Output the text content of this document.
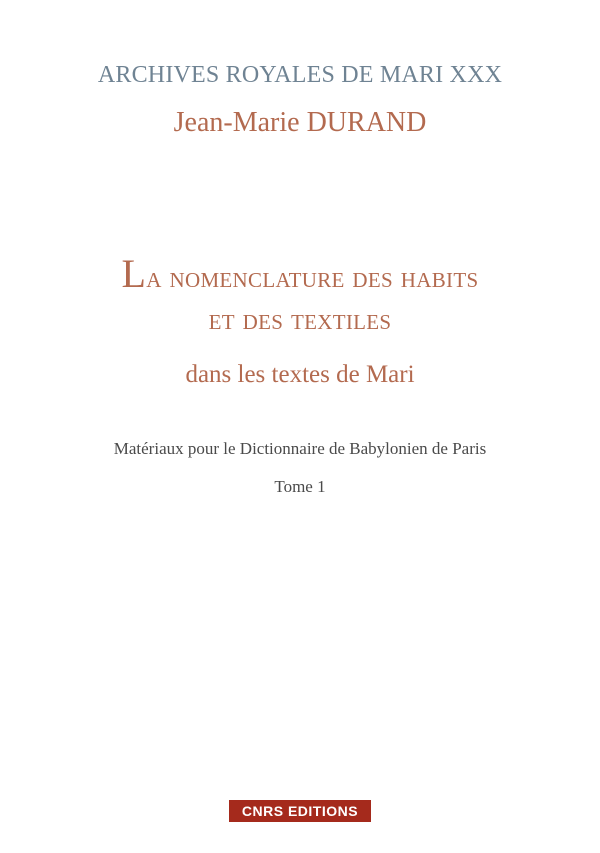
ARCHIVES ROYALES DE MARI XXX

Jean-Marie DURAND

La nomenclature des habits

et des textiles

dans les textes de Mari

Matériaux pour le Dictionnaire de Babylonien de Paris

Tome 1

CNRS EDITIONS
